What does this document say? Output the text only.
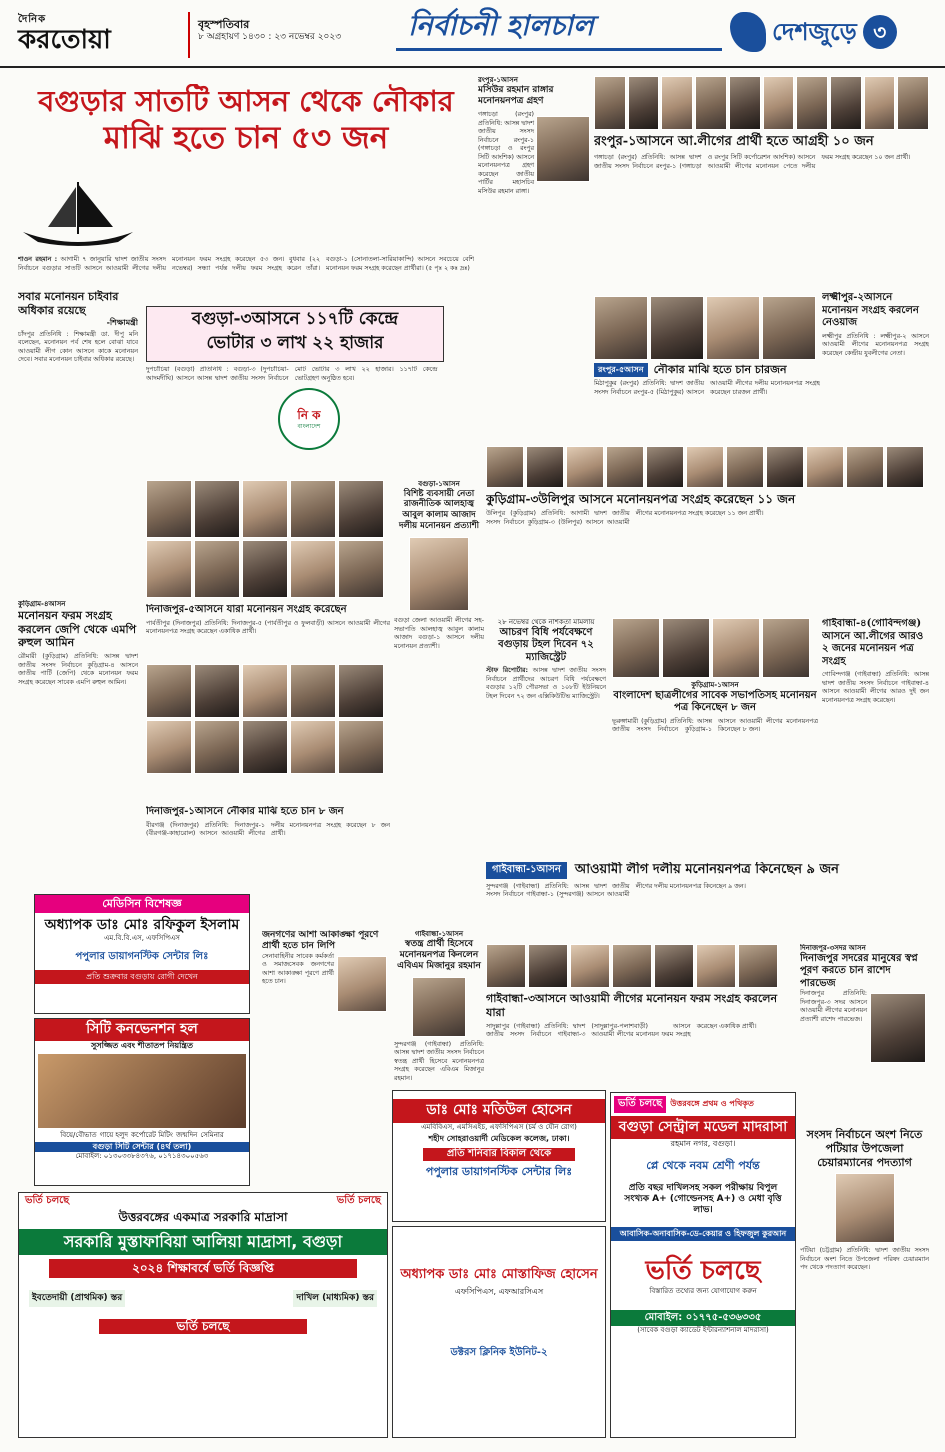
দৈনিক
করতোয়া	বৃহস্পতিবার
৮ অগ্রহায়ণ ১৪৩০ : ২৩ নভেম্বর ২০২৩ নির্বাচনী হালচাল	দেশজুড়ে ৩
বগুড়ার সাতটি আসন থেকে নৌকার
মাঝি হতে চান ৫৩ জন
শাওন রহমান : আগামী ৭ জানুয়ারি দ্বাদশ জাতীয় সংসদ নির্বাচনে বগুড়ার সাতটি আসনে আওয়ামী লীগের দলীয় মনোনয়ন ফরম সংগ্রহ করেছেন ৫৩ জন। বুধবার (২২ নভেম্বর) সন্ধ্যা পর্যন্ত দলীয় ফরম সংগ্রহ করেন তাঁরা। বগুড়া-১ (সোনাতলা-সারিয়াকান্দি) আসনে সবচেয়ে বেশি মনোনয়ন ফরম সংগ্রহ করেছেন প্রার্থীরা। (৫ পৃঃ ২ কঃ দ্রঃ)
রংপুর-১আসন
মসিউর রহমান রাঙ্গার মনোনয়নপত্র গ্রহণ
গঙ্গাচড়া (রংপুর) প্রতিনিধি: আসন্ন দ্বাদশ জাতীয় সংসদ নির্বাচনে রংপুর-১ (গঙ্গাচড়া ও রংপুর সিটি আংশিক) আসনে মনোনয়নপত্র গ্রহণ করেছেন জাতীয় পার্টির মহাসচিব মসিউর রহমান রাঙ্গা।
রংপুর-১আসনে আ.লীগের প্রার্থী হতে আগ্রহী ১০ জন
গঙ্গাচড়া (রংপুর) প্রতিনিধি: আসন্ন দ্বাদশ জাতীয় সংসদ নির্বাচনে রংপুর-১ (গঙ্গাচড়া ও রংপুর সিটি কর্পোরেশন আংশিক) আসনে আওয়ামী লীগের মনোনয়ন পেতে দলীয় ফরম সংগ্রহ করেছেন ১০ জন প্রার্থী।
লক্ষ্মীপুর-২আসনে মনোনয়ন সংগ্রহ করলেন নেওয়াজ
লক্ষ্মীপুর প্রতিনিধি : লক্ষ্মীপুর-২ আসনে আওয়ামী লীগের মনোনয়নপত্র সংগ্রহ করেছেন কেন্দ্রীয় যুবলীগের নেতা।
রংপুর-৫আসন নৌকার মাঝি হতে চান চারজন
মিঠাপুকুর (রংপুর) প্রতিনিধি: দ্বাদশ জাতীয় সংসদ নির্বাচনে রংপুর-৫ (মিঠাপুকুর) আসনে আওয়ামী লীগের দলীয় মনোনয়নপত্র সংগ্রহ করেছেন চারজন প্রার্থী।
সবার মনোনয়ন চাইবার অধিকার রয়েছে
-শিক্ষামন্ত্রী
চাঁদপুর প্রতিনিধি : শিক্ষামন্ত্রী ডা. দীপু মনি বলেছেন, মনোনয়ন পর্ব শেষ হলে বোঝা যাবে আওয়ামী লীগ কোন আসনে কাকে মনোনয়ন দেবে। সবার মনোনয়ন চাইবার অধিকার রয়েছে।
কুড়িগ্রাম-৪আসন
মনোনয়ন ফরম সংগ্রহ করলেন জেপি থেকে এমপি রুহুল আমিন
রৌমারী (কুড়িগ্রাম) প্রতিনিধি: আসন্ন দ্বাদশ জাতীয় সংসদ নির্বাচনে কুড়িগ্রাম-৪ আসনে জাতীয় পার্টি (জেপি) থেকে মনোনয়ন ফরম সংগ্রহ করেছেন সাবেক এমপি রুহুল আমিন।
বগুড়া-৩আসনে ১১৭টি কেন্দ্রে
ভোটার ৩ লাখ ২২ হাজার
দুপচাঁচিয়া (বগুড়া) প্রতিনিধি : বগুড়া-৩ (দুপচাঁচিয়া-আদমদীঘি) আসনে আসন্ন দ্বাদশ জাতীয় সংসদ নির্বাচনে মোট ভোটার ৩ লাখ ২২ হাজার। ১১৭টি কেন্দ্রে ভোটগ্রহণ অনুষ্ঠিত হবে।
নি ক
বাংলাদেশ
বগুড়া-১আসন
বিশিষ্ট ব্যবসায়ী নেতা রাজনীতিক আলহাজ্ব আবুল কালাম আজাদ দলীয় মনোনয়ন প্রত্যাশী
বগুড়া জেলা আওয়ামী লীগের সহ-সভাপতি আলহাজ্ব আবুল কালাম আজাদ বগুড়া-১ আসনে দলীয় মনোনয়ন প্রত্যাশী।
২৮ নভেম্বর থেকে নাশকতা মামলায়
আচরণ বিধি পর্যবেক্ষণে বগুড়ায় টহল দিবেন ৭২ ম্যাজিস্ট্রেট
স্টাফ রিপোর্টার: আসন্ন দ্বাদশ জাতীয় সংসদ নির্বাচনে প্রার্থীদের আচরণ বিধি পর্যবেক্ষণে বগুড়ার ১২টি পৌরসভা ও ১০৮টি ইউনিয়নে টহল দিবেন ৭২ জন এক্সিকিউটিভ ম্যাজিস্ট্রেট।
কুড়িগ্রাম-৩উলিপুর আসনে মনোনয়নপত্র সংগ্রহ করেছেন ১১ জন
উলিপুর (কুড়িগ্রাম) প্রতিনিধি: আগামী দ্বাদশ জাতীয় সংসদ নির্বাচনে কুড়িগ্রাম-৩ (উলিপুর) আসনে আওয়ামী লীগের মনোনয়নপত্র সংগ্রহ করেছেন ১১ জন প্রার্থী।
কুড়িগ্রাম-১আসন
বাংলাদেশ ছাত্রলীগের সাবেক সভাপতিসহ মনোনয়ন পত্র কিনেছেন ৮ জন
ভূরুঙ্গামারী (কুড়িগ্রাম) প্রতিনিধি: আসন্ন জাতীয় সংসদ নির্বাচনে কুড়িগ্রাম-১ আসনে আওয়ামী লীগের মনোনয়নপত্র কিনেছেন ৮ জন।
গাইবান্ধা-৪(গোবিন্দগঞ্জ) আসনে আ.লীগের আরও ২ জনের মনোনয়ন পত্র সংগ্রহ
গোবিন্দগঞ্জ (গাইবান্ধা) প্রতিনিধি: আসন্ন দ্বাদশ জাতীয় সংসদ নির্বাচনে গাইবান্ধা-৪ আসনে আওয়ামী লীগের আরও দুই জন মনোনয়নপত্র সংগ্রহ করেছেন।
দিনাজপুর-৫আসনে যারা মনোনয়ন সংগ্রহ করেছেন
পার্বতীপুর (দিনাজপুর) প্রতিনিধি: দিনাজপুর-৫ (পার্বতীপুর ও ফুলবাড়ী) আসনে আওয়ামী লীগের মনোনয়নপত্র সংগ্রহ করেছেন একাধিক প্রার্থী।
দিনাজপুর-১আসনে নৌকার মাঝি হতে চান ৮ জন
বীরগঞ্জ (দিনাজপুর) প্রতিনিধি: দিনাজপুর-১ (বীরগঞ্জ-কাহারোল) আসনে আওয়ামী লীগের দলীয় মনোনয়নপত্র সংগ্রহ করেছেন ৮ জন প্রার্থী।
গাইবান্ধা-১আসন	আওয়ামী লীগ দলীয় মনোনয়নপত্র কিনেছেন ৯ জন
সুন্দরগঞ্জ (গাইবান্ধা) প্রতিনিধি: আসন্ন দ্বাদশ জাতীয় সংসদ নির্বাচনে গাইবান্ধা-১ (সুন্দরগঞ্জ) আসনে আওয়ামী লীগের দলীয় মনোনয়নপত্র কিনেছেন ৯ জন।
গাইবান্ধা-৩আসনে আওয়ামী লীগের মনোনয়ন ফরম সংগ্রহ করলেন যারা
সাদুল্লাপুর (গাইবান্ধা) প্রতিনিধি: দ্বাদশ জাতীয় সংসদ নির্বাচনে গাইবান্ধা-৩ (সাদুল্লাপুর-পলাশবাড়ী) আসনে আওয়ামী লীগের মনোনয়ন ফরম সংগ্রহ করেছেন একাধিক প্রার্থী।
গাইবান্ধা-১আসন
স্বতন্ত্র প্রার্থী হিসেবে মনোনয়নপত্র কিনলেন এবিএম মিজানুর রহমান
সুন্দরগঞ্জ (গাইবান্ধা) প্রতিনিধি: আসন্ন দ্বাদশ জাতীয় সংসদ নির্বাচনে স্বতন্ত্র প্রার্থী হিসেবে মনোনয়নপত্র সংগ্রহ করেছেন এবিএম মিজানুর রহমান।
জনগণের আশা আকাঙ্ক্ষা পূরণে প্রার্থী হতে চান লিপি
সেনাবাহিনীর সাবেক কর্মকর্তা ও সমাজসেবক জনগণের আশা আকাঙ্ক্ষা পূরণে প্রার্থী হতে চান।
দিনাজপুর-৩সদর আসন
দিনাজপুর সদরের মানুষের স্বপ্ন পূরণ করতে চান রাশেদ পারভেজ
দিনাজপুর প্রতিনিধি: দিনাজপুর-৩ সদর আসনে আওয়ামী লীগের মনোনয়ন প্রত্যাশী রাশেদ পারভেজ।
সংসদ নির্বাচনে অংশ নিতে পটিয়ার উপজেলা চেয়ারম্যানের পদত্যাগ
পটিয়া (চট্টগ্রাম) প্রতিনিধি: দ্বাদশ জাতীয় সংসদ নির্বাচনে অংশ নিতে উপজেলা পরিষদ চেয়ারম্যান পদ থেকে পদত্যাগ করেছেন।
মেডিসিন বিশেষজ্ঞ
অধ্যাপক ডাঃ মোঃ রফিকুল ইসলাম
এম.বি.বি.এস, এফসিপিএস
পপুলার ডায়াগনস্টিক সেন্টার লিঃ
প্রতি শুক্রবার বগুড়ায় রোগী দেখেন
সিটি কনভেনশন হল
সুসজ্জিত এবং শীতাতপ নিয়ন্ত্রিত
বিয়ে/বৌভাত গায়ে হলুদ কর্পোরেট মিটিং জন্মদিন সেমিনার
বগুড়া সিটি সেন্টার (৪র্থ তলা)
মোবাইল: ০১৩০৩৩৮৪৩৭৬, ০১৭১৪৩০০৫৬৩
ভর্তি চলছে	ভর্তি চলছে
উত্তরবঙ্গের একমাত্র সরকারি মাদ্রাসা
সরকারি মুস্তাফাবিয়া আলিয়া মাদ্রাসা, বগুড়া
২০২৪ শিক্ষাবর্ষে ভর্তি বিজ্ঞপ্তি
ইবতেদায়ী (প্রাথমিক) স্তর	দাখিল (মাধ্যমিক) স্তর
ভর্তি চলছে
ডাঃ মোঃ মতিউল হোসেন
এমবিবিএস, এমসিএইচ, এফসিপিএস (চর্ম ও যৌন রোগ)
শহীদ সোহরাওয়ার্দী মেডিকেল কলেজ, ঢাকা।
প্রতি শনিবার বিকাল থেকে
পপুলার ডায়াগনস্টিক সেন্টার লিঃ
অধ্যাপক ডাঃ মোঃ মোস্তাফিজ হোসেন
এফসিপিএস, এফআরসিএস
ডক্টরস ক্লিনিক ইউনিট-২
ভর্তি চলছে	উত্তরবঙ্গে প্রথম ও পথিকৃত
বগুড়া সেন্ট্রাল মডেল মাদরাসা
রহমান নগর, বগুড়া।
প্লে থেকে নবম শ্রেণী পর্যন্ত
প্রতি বছর দাখিলসহ সকল পরীক্ষায় বিপুল সংখ্যক A+ (গোল্ডেনসহ A+) ও মেধা বৃত্তি লাভ।
আবাসিক-অনাবাসিক-ডে-কেয়ার ও হিফজুল কুরআন
ভর্তি চলছে
বিস্তারিত তথ্যের জন্য যোগাযোগ করুন
মোবাইল: ০১৭৭৫-৫৩৬৩৩৫
(সাবেক বগুড়া ক্যাডেট ইন্টারন্যাশনাল মাদরাসা)
